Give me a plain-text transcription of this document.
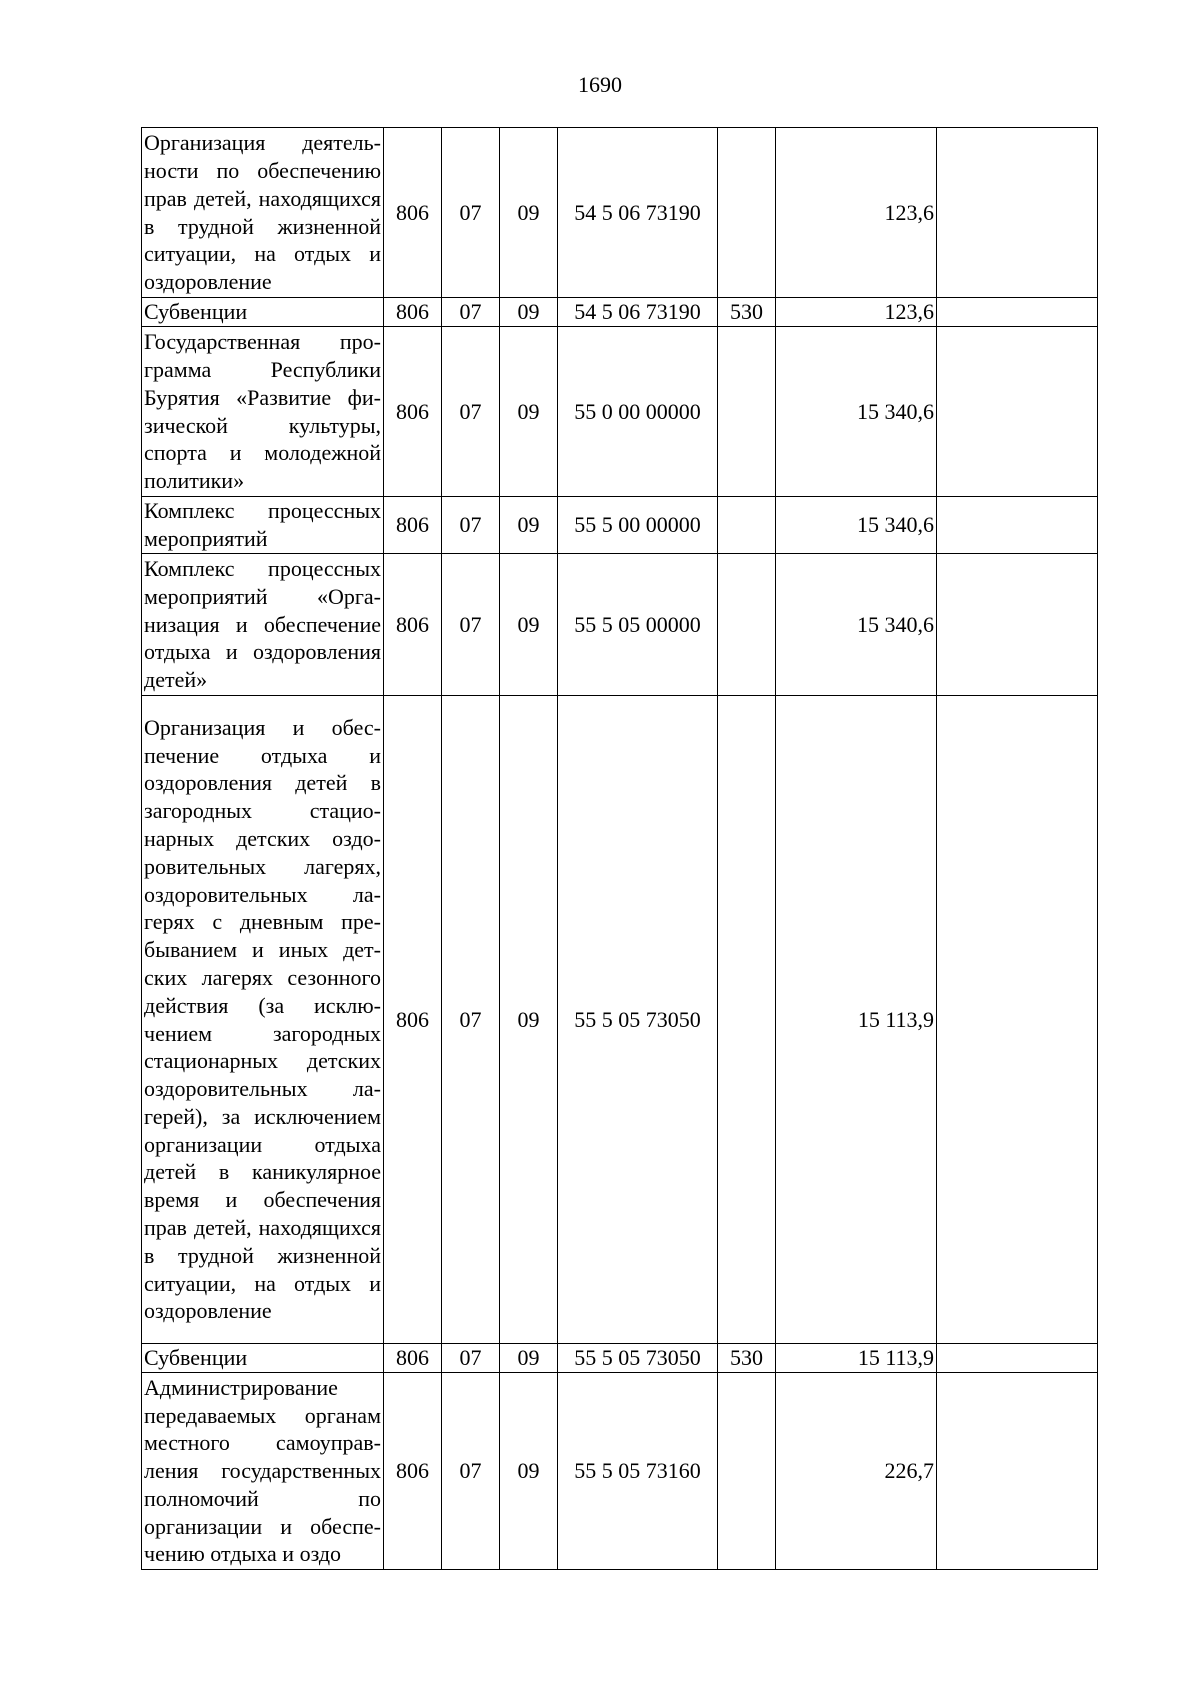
1690
Организация деятельности по обеспечению прав детей, находящихся в трудной жизненной ситуации, на отдых и оздоровление	806	07	09	54 5 06 73190		123,6	
Субвенции	806	07	09	54 5 06 73190	530	123,6	
Государственная программа Республики Бурятия «Развитие физической культуры, спорта и молодежной политики»	806	07	09	55 0 00 00000		15 340,6	
Комплекс процессных мероприятий	806	07	09	55 5 00 00000		15 340,6	
Комплекс процессных мероприятий «Организация и обеспечение отдыха и оздоровления детей»	806	07	09	55 5 05 00000		15 340,6	
Организация и обеспечение отдыха и оздоровления детей в загородных стационарных детских оздоровительных лагерях, оздоровительных лагерях с дневным пребыванием и иных детских лагерях сезонного действия (за исключением загородных стационарных детских оздоровительных лагерей), за исключением организации отдыха детей в каникулярное время и обеспечения прав детей, находящихся в трудной жизненной ситуации, на отдых и оздоровление	806	07	09	55 5 05 73050		15 113,9	
Субвенции	806	07	09	55 5 05 73050	530	15 113,9	
Администрирование передаваемых органам местного самоуправления государственных полномочий по организации и обеспечению отдыха и оздо	806	07	09	55 5 05 73160		226,7	
